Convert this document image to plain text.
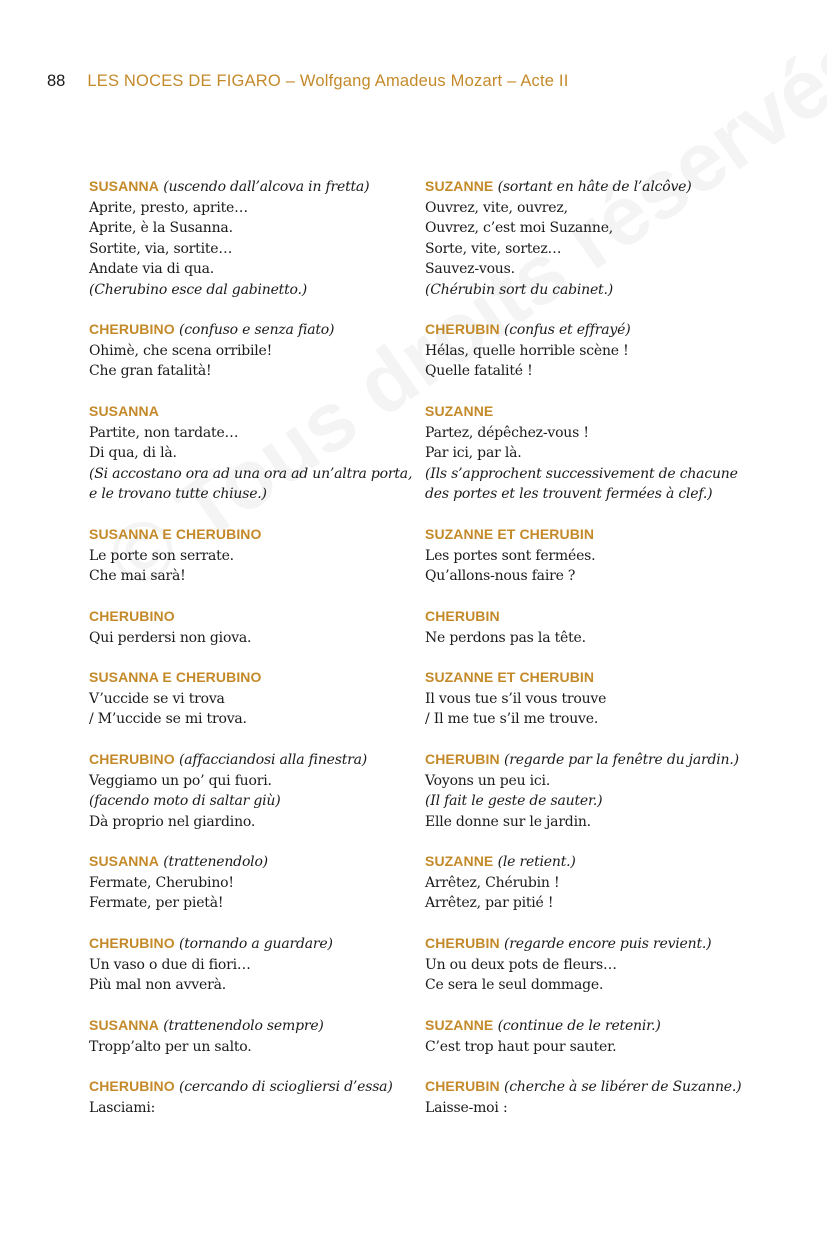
88 LES NOCES DE FIGARO – Wolfgang Amadeus Mozart – Acte II
SUSANNA (uscendo dall’alcova in fretta)
Aprite, presto, aprite…
Aprite, è la Susanna.
Sortite, via, sortite…
Andate via di qua.
(Cherubino esce dal gabinetto.)
CHERUBINO (confuso e senza fiato)
Ohimè, che scena orribile!
Che gran fatalità!
SUSANNA
Partite, non tardate…
Di qua, di là.
(Si accostano ora ad una ora ad un’altra porta,
e le trovano tutte chiuse.)
SUSANNA E CHERUBINO
Le porte son serrate.
Che mai sarà!
CHERUBINO
Qui perdersi non giova.
SUSANNA E CHERUBINO
V’uccide se vi trova
/ M’uccide se mi trova.
CHERUBINO (affacciandosi alla finestra)
Veggiamo un po’ qui fuori.
(facendo moto di saltar giù)
Dà proprio nel giardino.
SUSANNA (trattenendolo)
Fermate, Cherubino!
Fermate, per pietà!
CHERUBINO (tornando a guardare)
Un vaso o due di fiori…
Più mal non avverà.
SUSANNA (trattenendolo sempre)
Tropp’alto per un salto.
CHERUBINO (cercando di sciogliersi d’essa)
Lasciami:
SUZANNE (sortant en hâte de l’alcôve)
Ouvrez, vite, ouvrez,
Ouvrez, c’est moi Suzanne,
Sorte, vite, sortez…
Sauvez-vous.
(Chérubin sort du cabinet.)
CHERUBIN (confus et effrayé)
Hélas, quelle horrible scène !
Quelle fatalité !
SUZANNE
Partez, dépêchez-vous !
Par ici, par là.
(Ils s’approchent successivement de chacune
des portes et les trouvent fermées à clef.)
SUZANNE ET CHERUBIN
Les portes sont fermées.
Qu’allons-nous faire ?
CHERUBIN
Ne perdons pas la tête.
SUZANNE ET CHERUBIN
Il vous tue s’il vous trouve
/ Il me tue s’il me trouve.
CHERUBIN (regarde par la fenêtre du jardin.)
Voyons un peu ici.
(Il fait le geste de sauter.)
Elle donne sur le jardin.
SUZANNE (le retient.)
Arrêtez, Chérubin !
Arrêtez, par pitié !
CHERUBIN (regarde encore puis revient.)
Un ou deux pots de fleurs…
Ce sera le seul dommage.
SUZANNE (continue de le retenir.)
C’est trop haut pour sauter.
CHERUBIN (cherche à se libérer de Suzanne.)
Laisse-moi :
